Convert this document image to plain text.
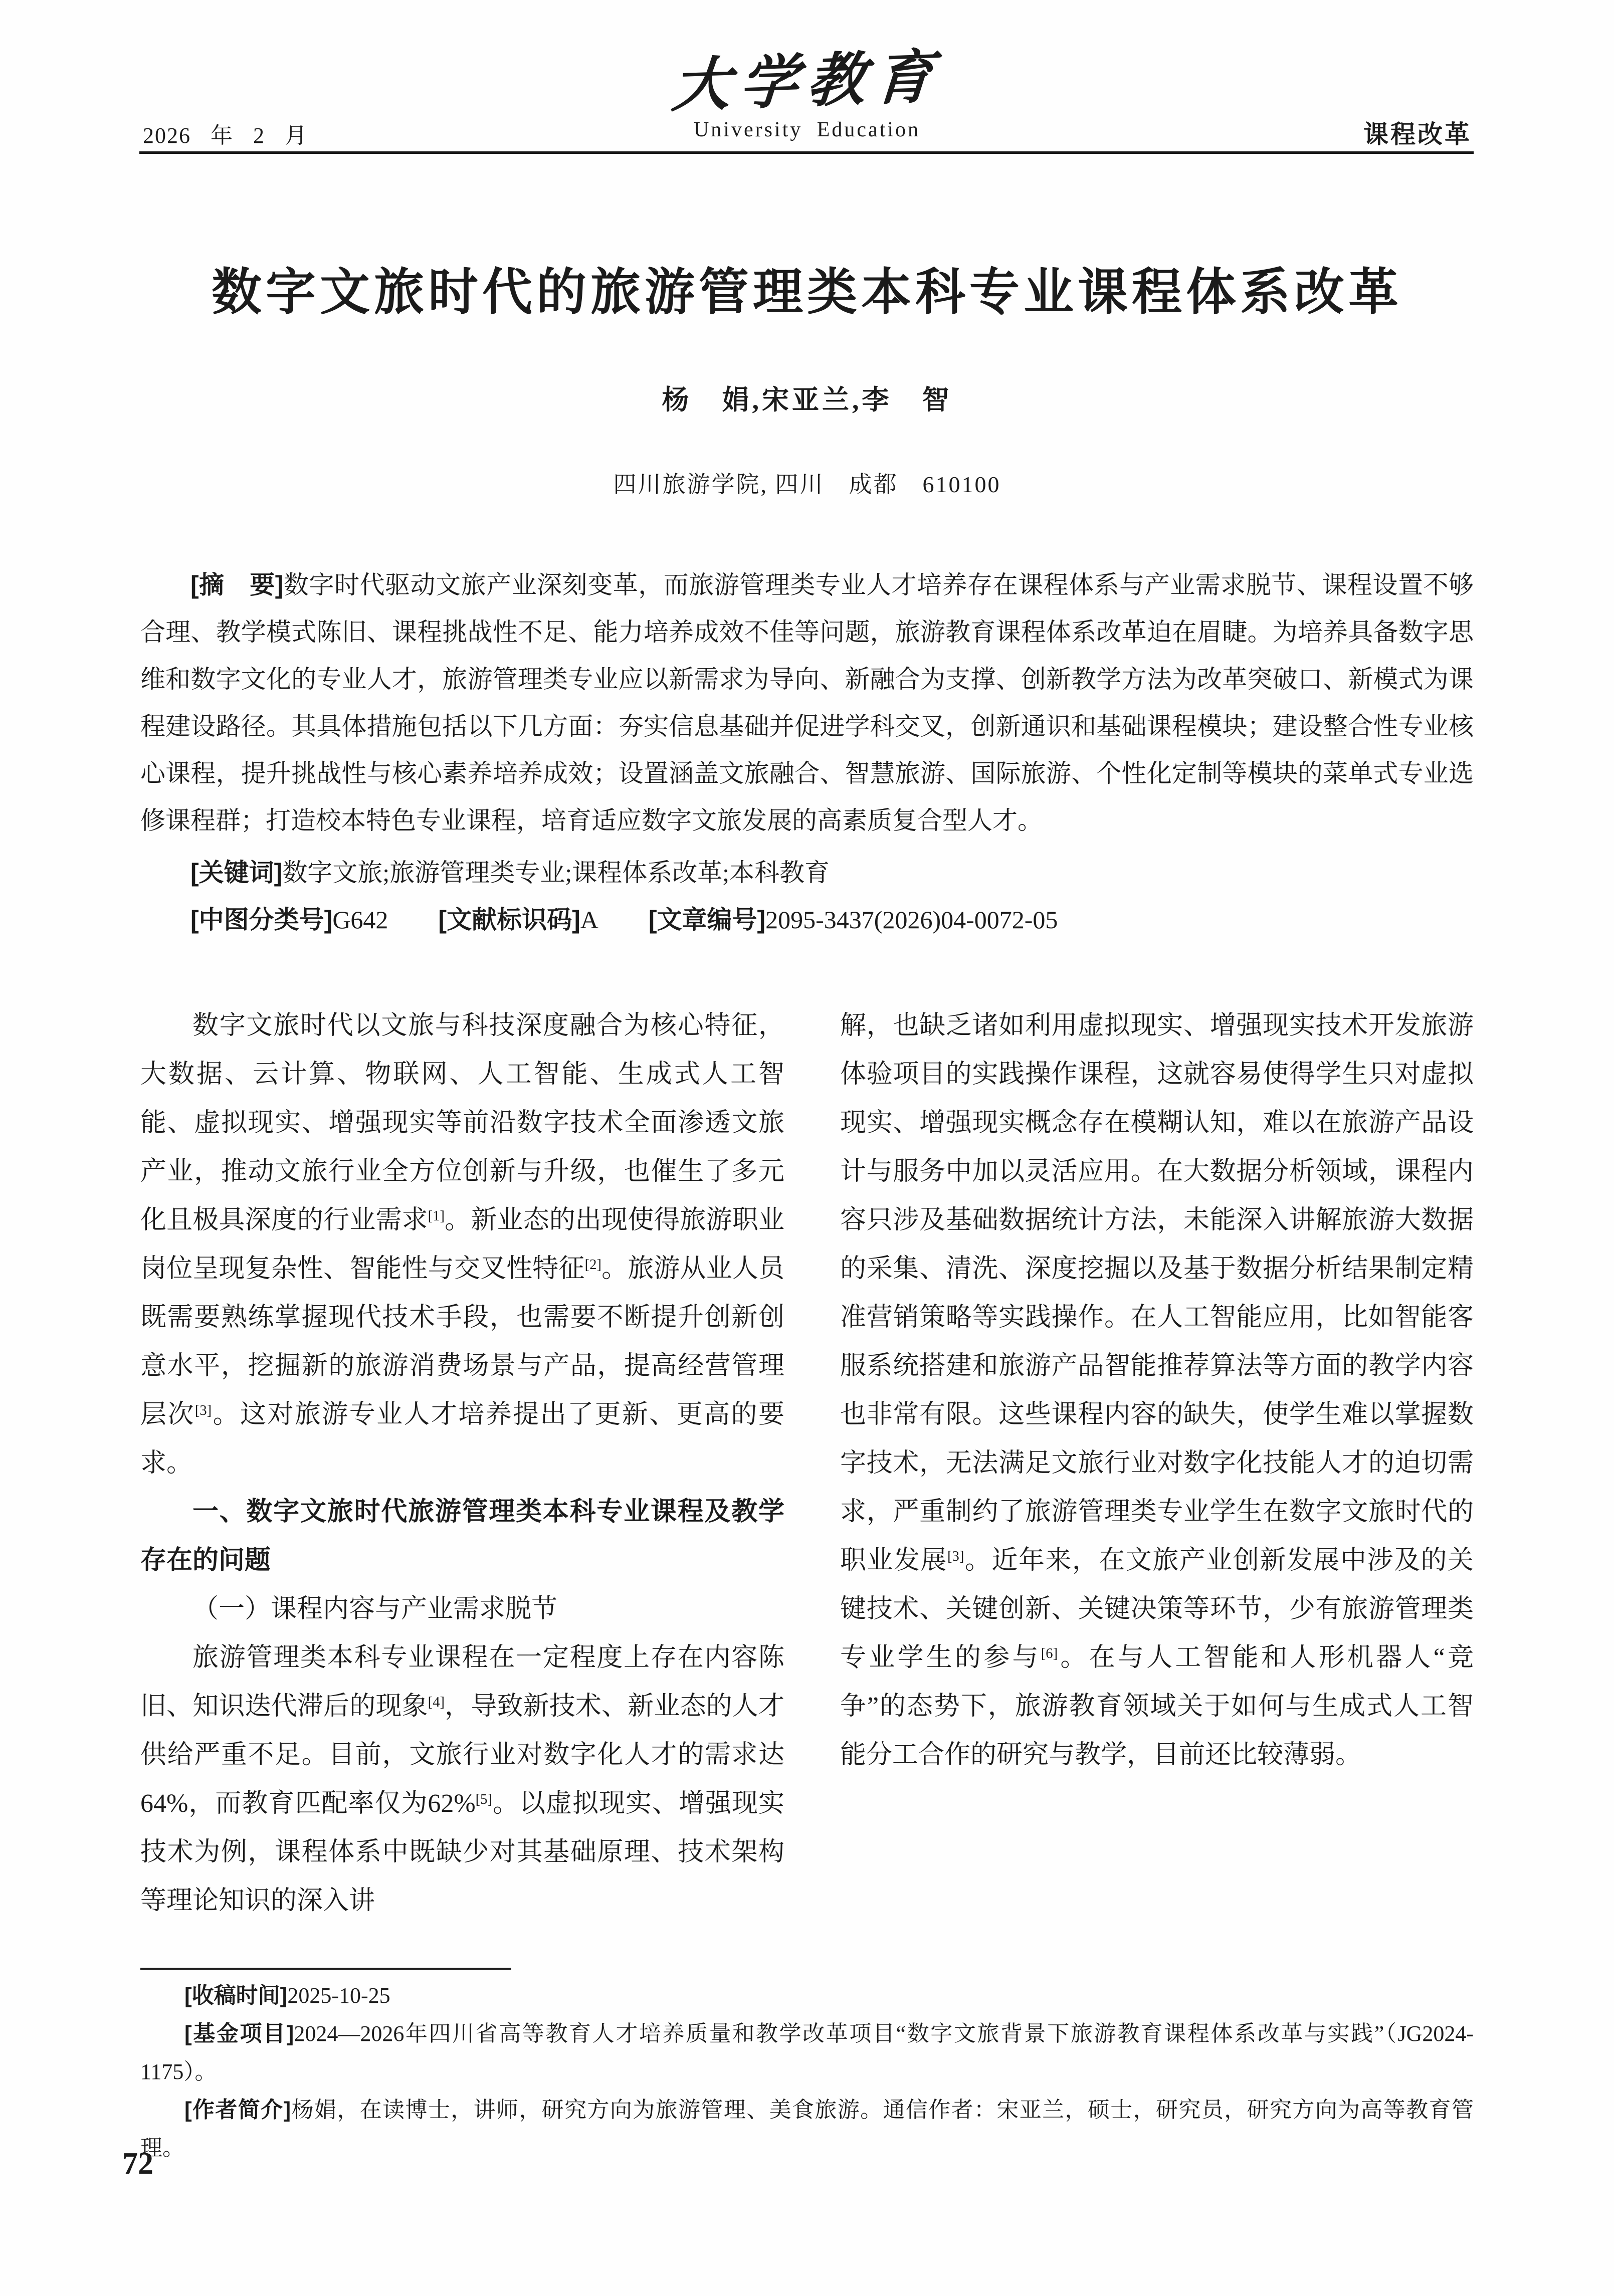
2026 年 2 月
大学教育
University Education	课程改革
数字文旅时代的旅游管理类本科专业课程体系改革
杨　娟,宋亚兰,李　智
四川旅游学院, 四川　成都　610100
[摘　要]数字时代驱动文旅产业深刻变革，而旅游管理类专业人才培养存在课程体系与产业需求脱节、课程设置不够合理、教学模式陈旧、课程挑战性不足、能力培养成效不佳等问题，旅游教育课程体系改革迫在眉睫。为培养具备数字思维和数字文化的专业人才，旅游管理类专业应以新需求为导向、新融合为支撑、创新教学方法为改革突破口、新模式为课程建设路径。其具体措施包括以下几方面：夯实信息基础并促进学科交叉，创新通识和基础课程模块；建设整合性专业核心课程，提升挑战性与核心素养培养成效；设置涵盖文旅融合、智慧旅游、国际旅游、个性化定制等模块的菜单式专业选修课程群；打造校本特色专业课程，培育适应数字文旅发展的高素质复合型人才。
[关键词]数字文旅;旅游管理类专业;课程体系改革;本科教育
[中图分类号]G642 [文献标识码]A [文章编号]2095-3437(2026)04-0072-05
数字文旅时代以文旅与科技深度融合为核心特征，大数据、云计算、物联网、人工智能、生成式人工智能、虚拟现实、增强现实等前沿数字技术全面渗透文旅产业，推动文旅行业全方位创新与升级，也催生了多元化且极具深度的行业需求[1]。新业态的出现使得旅游职业岗位呈现复杂性、智能性与交叉性特征[2]。旅游从业人员既需要熟练掌握现代技术手段，也需要不断提升创新创意水平，挖掘新的旅游消费场景与产品，提高经营管理层次[3]。这对旅游专业人才培养提出了更新、更高的要求。
一、数字文旅时代旅游管理类本科专业课程及教学存在的问题
（一）课程内容与产业需求脱节
旅游管理类本科专业课程在一定程度上存在内容陈旧、知识迭代滞后的现象[4]，导致新技术、新业态的人才供给严重不足。目前，文旅行业对数字化人才的需求达64%，而教育匹配率仅为62%[5]。以虚拟现实、增强现实技术为例，课程体系中既缺少对其基础原理、技术架构等理论知识的深入讲
解，也缺乏诸如利用虚拟现实、增强现实技术开发旅游体验项目的实践操作课程，这就容易使得学生只对虚拟现实、增强现实概念存在模糊认知，难以在旅游产品设计与服务中加以灵活应用。在大数据分析领域，课程内容只涉及基础数据统计方法，未能深入讲解旅游大数据的采集、清洗、深度挖掘以及基于数据分析结果制定精准营销策略等实践操作。在人工智能应用，比如智能客服系统搭建和旅游产品智能推荐算法等方面的教学内容也非常有限。这些课程内容的缺失，使学生难以掌握数字技术，无法满足文旅行业对数字化技能人才的迫切需求，严重制约了旅游管理类专业学生在数字文旅时代的职业发展[3]。近年来，在文旅产业创新发展中涉及的关键技术、关键创新、关键决策等环节，少有旅游管理类专业学生的参与[6]。在与人工智能和人形机器人“竞争”的态势下，旅游教育领域关于如何与生成式人工智能分工合作的研究与教学，目前还比较薄弱。
[收稿时间]2025-10-25
[基金项目]2024—2026年四川省高等教育人才培养质量和教学改革项目“数字文旅背景下旅游教育课程体系改革与实践”（JG2024-1175）。
[作者简介]杨娟，在读博士，讲师，研究方向为旅游管理、美食旅游。通信作者：宋亚兰，硕士，研究员，研究方向为高等教育管理。
72
